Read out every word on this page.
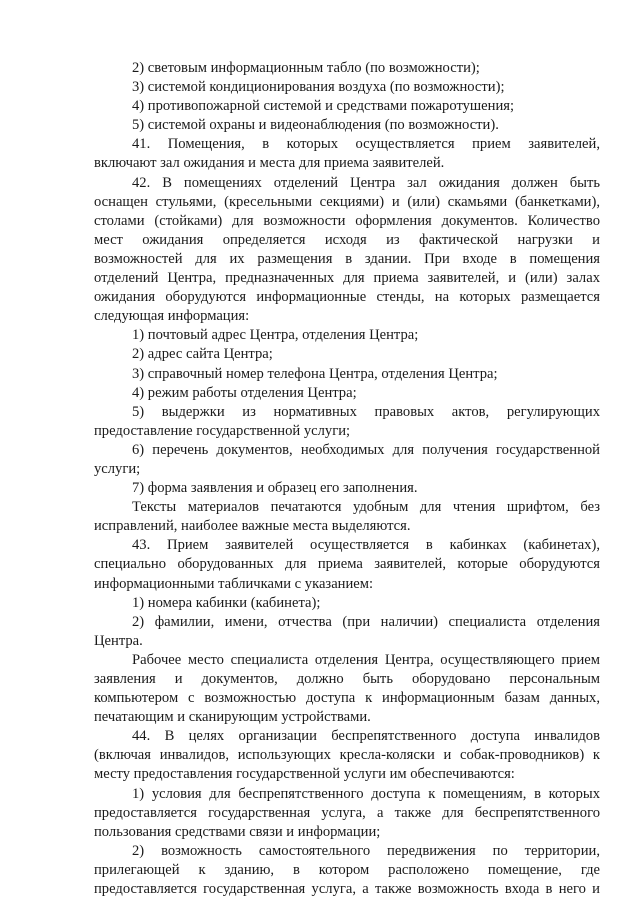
2) световым информационным табло (по возможности);
3) системой кондиционирования воздуха (по возможности);
4) противопожарной системой и средствами пожаротушения;
5) системой охраны и видеонаблюдения (по возможности).
41. Помещения, в которых осуществляется прием заявителей,
включают зал ожидания и места для приема заявителей.
42. В помещениях отделений Центра зал ожидания должен быть
оснащен стульями, (кресельными секциями) и (или) скамьями (банкетками),
столами (стойками) для возможности оформления документов. Количество
мест ожидания определяется исходя из фактической нагрузки и
возможностей для их размещения в здании. При входе в помещения
отделений Центра, предназначенных для приема заявителей, и (или) залах
ожидания оборудуются информационные стенды, на которых размещается
следующая информация:
1) почтовый адрес Центра, отделения Центра;
2) адрес сайта Центра;
3) справочный номер телефона Центра, отделения Центра;
4) режим работы отделения Центра;
5) выдержки из нормативных правовых актов, регулирующих
предоставление государственной услуги;
6) перечень документов, необходимых для получения государственной
услуги;
7) форма заявления и образец его заполнения.
Тексты материалов печатаются удобным для чтения шрифтом, без
исправлений, наиболее важные места выделяются.
43. Прием заявителей осуществляется в кабинках (кабинетах),
специально оборудованных для приема заявителей, которые оборудуются
информационными табличками с указанием:
1) номера кабинки (кабинета);
2) фамилии, имени, отчества (при наличии) специалиста отделения
Центра.
Рабочее место специалиста отделения Центра, осуществляющего прием
заявления и документов, должно быть оборудовано персональным
компьютером с возможностью доступа к информационным базам данных,
печатающим и сканирующим устройствами.
44. В целях организации беспрепятственного доступа инвалидов
(включая инвалидов, использующих кресла-коляски и собак-проводников) к
месту предоставления государственной услуги им обеспечиваются:
1) условия для беспрепятственного доступа к помещениям, в которых
предоставляется государственная услуга, а также для беспрепятственного
пользования средствами связи и информации;
2) возможность самостоятельного передвижения по территории,
прилегающей к зданию, в котором расположено помещение, где
предоставляется государственная услуга, а также возможность входа в него и
